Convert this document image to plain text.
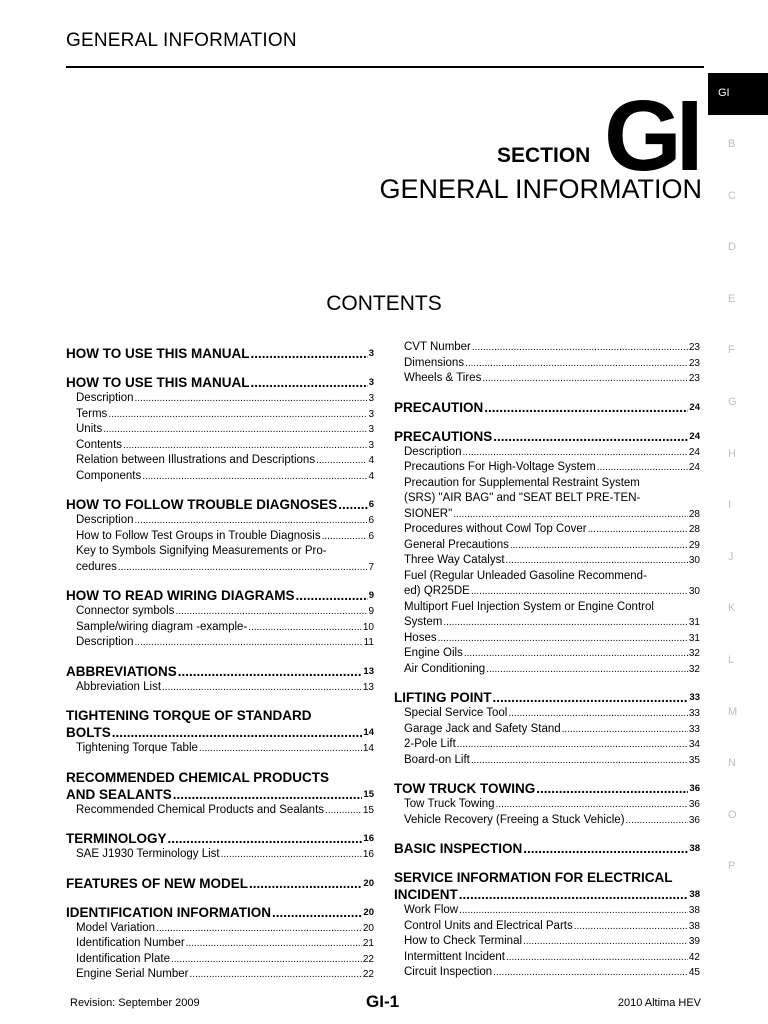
GENERAL INFORMATION
GI
B
C
D
E
F
G
H
I
J
K
L
M
N
O
P
SECTION GI
GENERAL INFORMATION
CONTENTS
HOW TO USE THIS MANUAL .....	3
HOW TO USE THIS MANUAL .....	3
Description .....	3
Terms .....	3
Units .....	3
Contents .....	3
Relation between Illustrations and Descriptions .....	4
Components .....	4
HOW TO FOLLOW TROUBLE DIAGNOSES .....	6
Description .....	6
How to Follow Test Groups in Trouble Diagnosis .....	6
Key to Symbols Signifying Measurements or Pro-
cedures .....	7
HOW TO READ WIRING DIAGRAMS .....	9
Connector symbols .....	9
Sample/wiring diagram -example- .....	10
Description .....	11
ABBREVIATIONS .....	13
Abbreviation List .....	13
TIGHTENING TORQUE OF STANDARD
BOLTS .....	14
Tightening Torque Table .....	14
RECOMMENDED CHEMICAL PRODUCTS
AND SEALANTS .....	15
Recommended Chemical Products and Sealants .....	15
TERMINOLOGY .....	16
SAE J1930 Terminology List .....	16
FEATURES OF NEW MODEL .....	20
IDENTIFICATION INFORMATION .....	20
Model Variation .....	20
Identification Number .....	21
Identification Plate .....	22
Engine Serial Number .....	22
CVT Number .....	23
Dimensions .....	23
Wheels & Tires .....	23
PRECAUTION .....	24
PRECAUTIONS .....	24
Description .....	24
Precautions For High-Voltage System .....	24
Precaution for Supplemental Restraint System
(SRS) "AIR BAG" and "SEAT BELT PRE-TEN-
SIONER" .....	28
Procedures without Cowl Top Cover .....	28
General Precautions .....	29
Three Way Catalyst .....	30
Fuel (Regular Unleaded Gasoline Recommend-
ed) QR25DE .....	30
Multiport Fuel Injection System or Engine Control
System .....	31
Hoses .....	31
Engine Oils .....	32
Air Conditioning .....	32
LIFTING POINT .....	33
Special Service Tool .....	33
Garage Jack and Safety Stand .....	33
2-Pole Lift .....	34
Board-on Lift .....	35
TOW TRUCK TOWING .....	36
Tow Truck Towing .....	36
Vehicle Recovery (Freeing a Stuck Vehicle) .....	36
BASIC INSPECTION .....	38
SERVICE INFORMATION FOR ELECTRICAL
INCIDENT .....	38
Work Flow .....	38
Control Units and Electrical Parts .....	38
How to Check Terminal .....	39
Intermittent Incident .....	42
Circuit Inspection .....	45
Revision: September 2009	GI-1	2010 Altima HEV
